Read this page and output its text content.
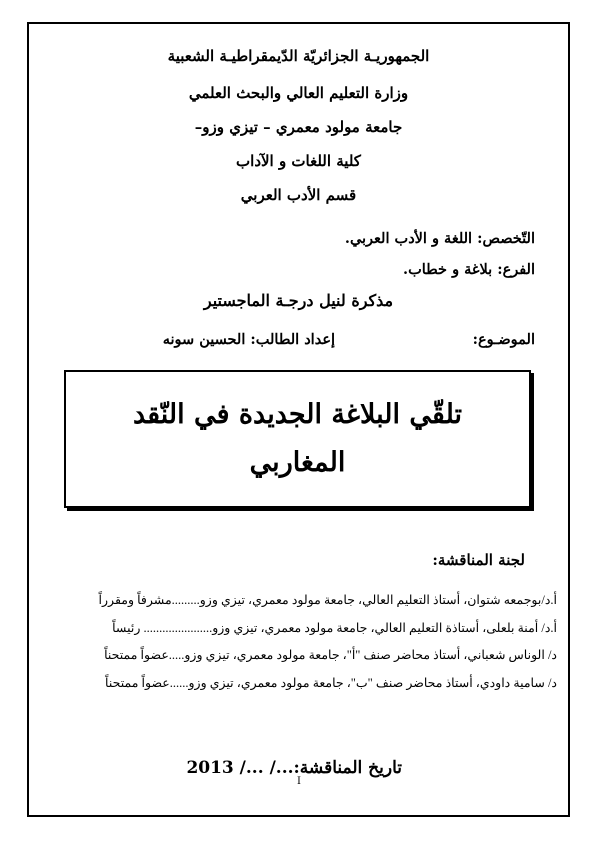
الجمهوريـة الجزائريّة الدّيمقراطيـة الشعبية
وزارة التعليم العالي والبحث العلمي
جامعة مولود معمري – تيزي وزو–
كلية اللغات و الآداب
قسم الأدب العربي
التّخصص: اللغة و الأدب العربي.
الفرع: بلاغة و خطاب.
مذكرة لنيل درجـة الماجستير
الموضـوع:
إعداد الطالب: الحسين سونه
تلقّي البلاغة الجديدة في النّقد
المغاربي
لجنة المناقشة:
أ.د/بوجمعه شتوان، أستاذ التعليم العالي، جامعة مولود معمري، تيزي وزو.........مشرفاً ومقرراً
أ.د/ أمنة بلعلى، أستاذة التعليم العالي، جامعة مولود معمري، تيزي وزو...................... رئيساً
د/ الوناس شعباني، أستاذ محاضر صنف "أ"، جامعة مولود معمري، تيزي وزو.....عضواً ممتحناً
د/ سامية داودي، أستاذ محاضر صنف "ب"، جامعة مولود معمري، تيزي وزو......عضواً ممتحناً
تاريخ المناقشة:.../ .../ 2013
I
